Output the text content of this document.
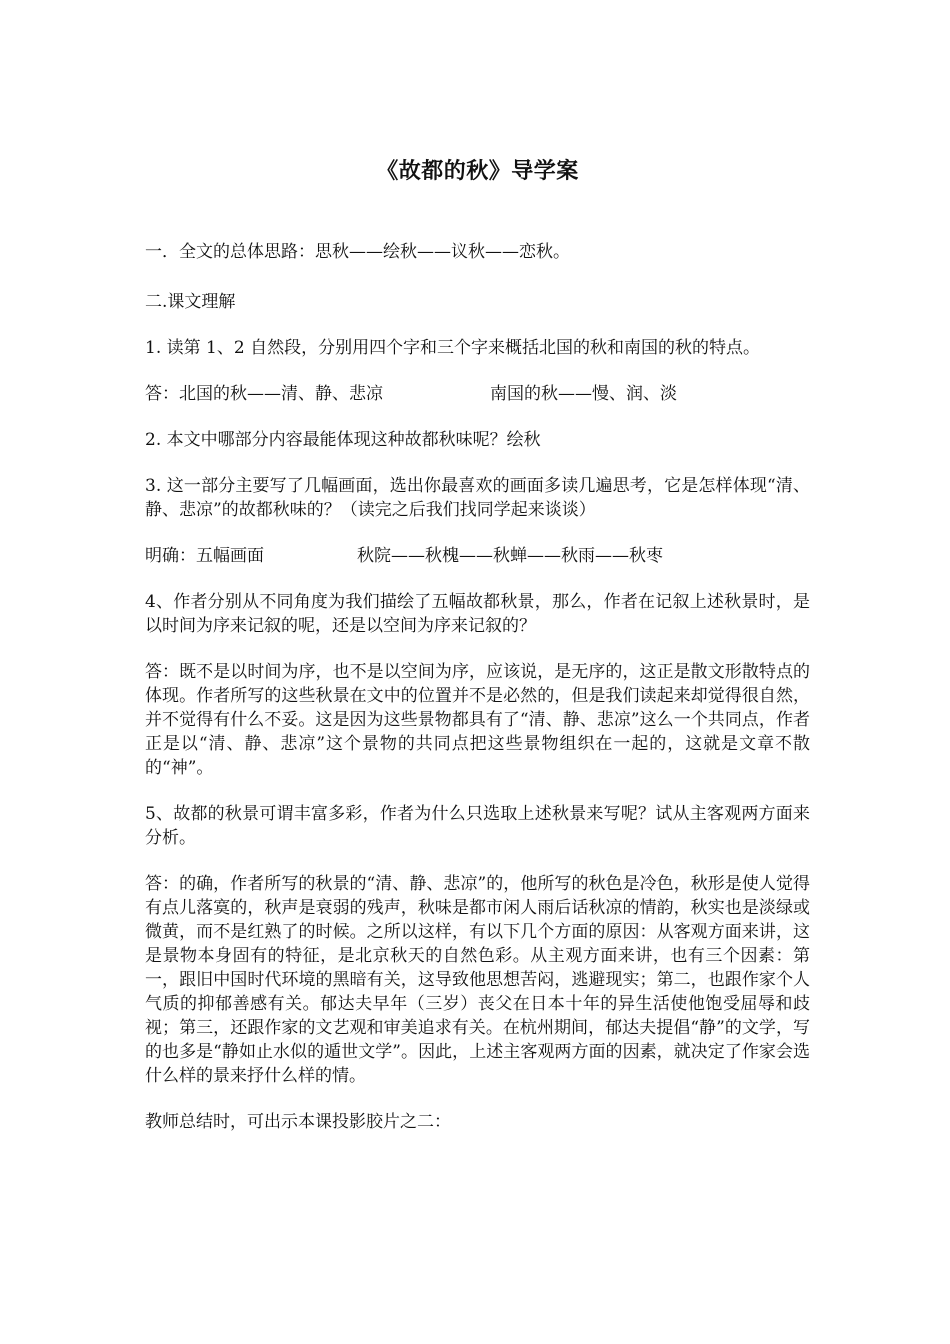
《故都的秋》导学案

一．全文的总体思路：思秋——绘秋——议秋——恋秋。

二.课文理解

1. 读第 1、2 自然段，分别用四个字和三个字来概括北国的秋和南国的秋的特点。

答：北国的秋——清、静、悲凉	南国的秋——慢、润、淡

2. 本文中哪部分内容最能体现这种故都秋味呢？绘秋

3. 这一部分主要写了几幅画面，选出你最喜欢的画面多读几遍思考，它是怎样体现“清、静、悲凉”的故都秋味的？（读完之后我们找同学起来谈谈）

明确：五幅画面	秋院——秋槐——秋蝉——秋雨——秋枣

4、作者分别从不同角度为我们描绘了五幅故都秋景，那么，作者在记叙上述秋景时，是以时间为序来记叙的呢，还是以空间为序来记叙的？

答：既不是以时间为序，也不是以空间为序，应该说，是无序的，这正是散文形散特点的体现。作者所写的这些秋景在文中的位置并不是必然的，但是我们读起来却觉得很自然，并不觉得有什么不妥。这是因为这些景物都具有了“清、静、悲凉”这么一个共同点，作者正是以“清、静、悲凉”这个景物的共同点把这些景物组织在一起的，这就是文章不散的“神”。

5、故都的秋景可谓丰富多彩，作者为什么只选取上述秋景来写呢？试从主客观两方面来分析。

答：的确，作者所写的秋景的“清、静、悲凉”的，他所写的秋色是冷色，秋形是使人觉得有点儿落寞的，秋声是衰弱的残声，秋味是都市闲人雨后话秋凉的情韵，秋实也是淡绿或微黄，而不是红熟了的时候。之所以这样，有以下几个方面的原因：从客观方面来讲，这是景物本身固有的特征，是北京秋天的自然色彩。从主观方面来讲，也有三个因素：第一，跟旧中国时代环境的黑暗有关，这导致他思想苦闷，逃避现实；第二，也跟作家个人气质的抑郁善感有关。郁达夫早年（三岁）丧父在日本十年的异生活使他饱受屈辱和歧视；第三，还跟作家的文艺观和审美追求有关。在杭州期间，郁达夫提倡“静”的文学，写的也多是“静如止水似的遁世文学”。因此，上述主客观两方面的因素，就决定了作家会选什么样的景来抒什么样的情。

教师总结时，可出示本课投影胶片之二：
